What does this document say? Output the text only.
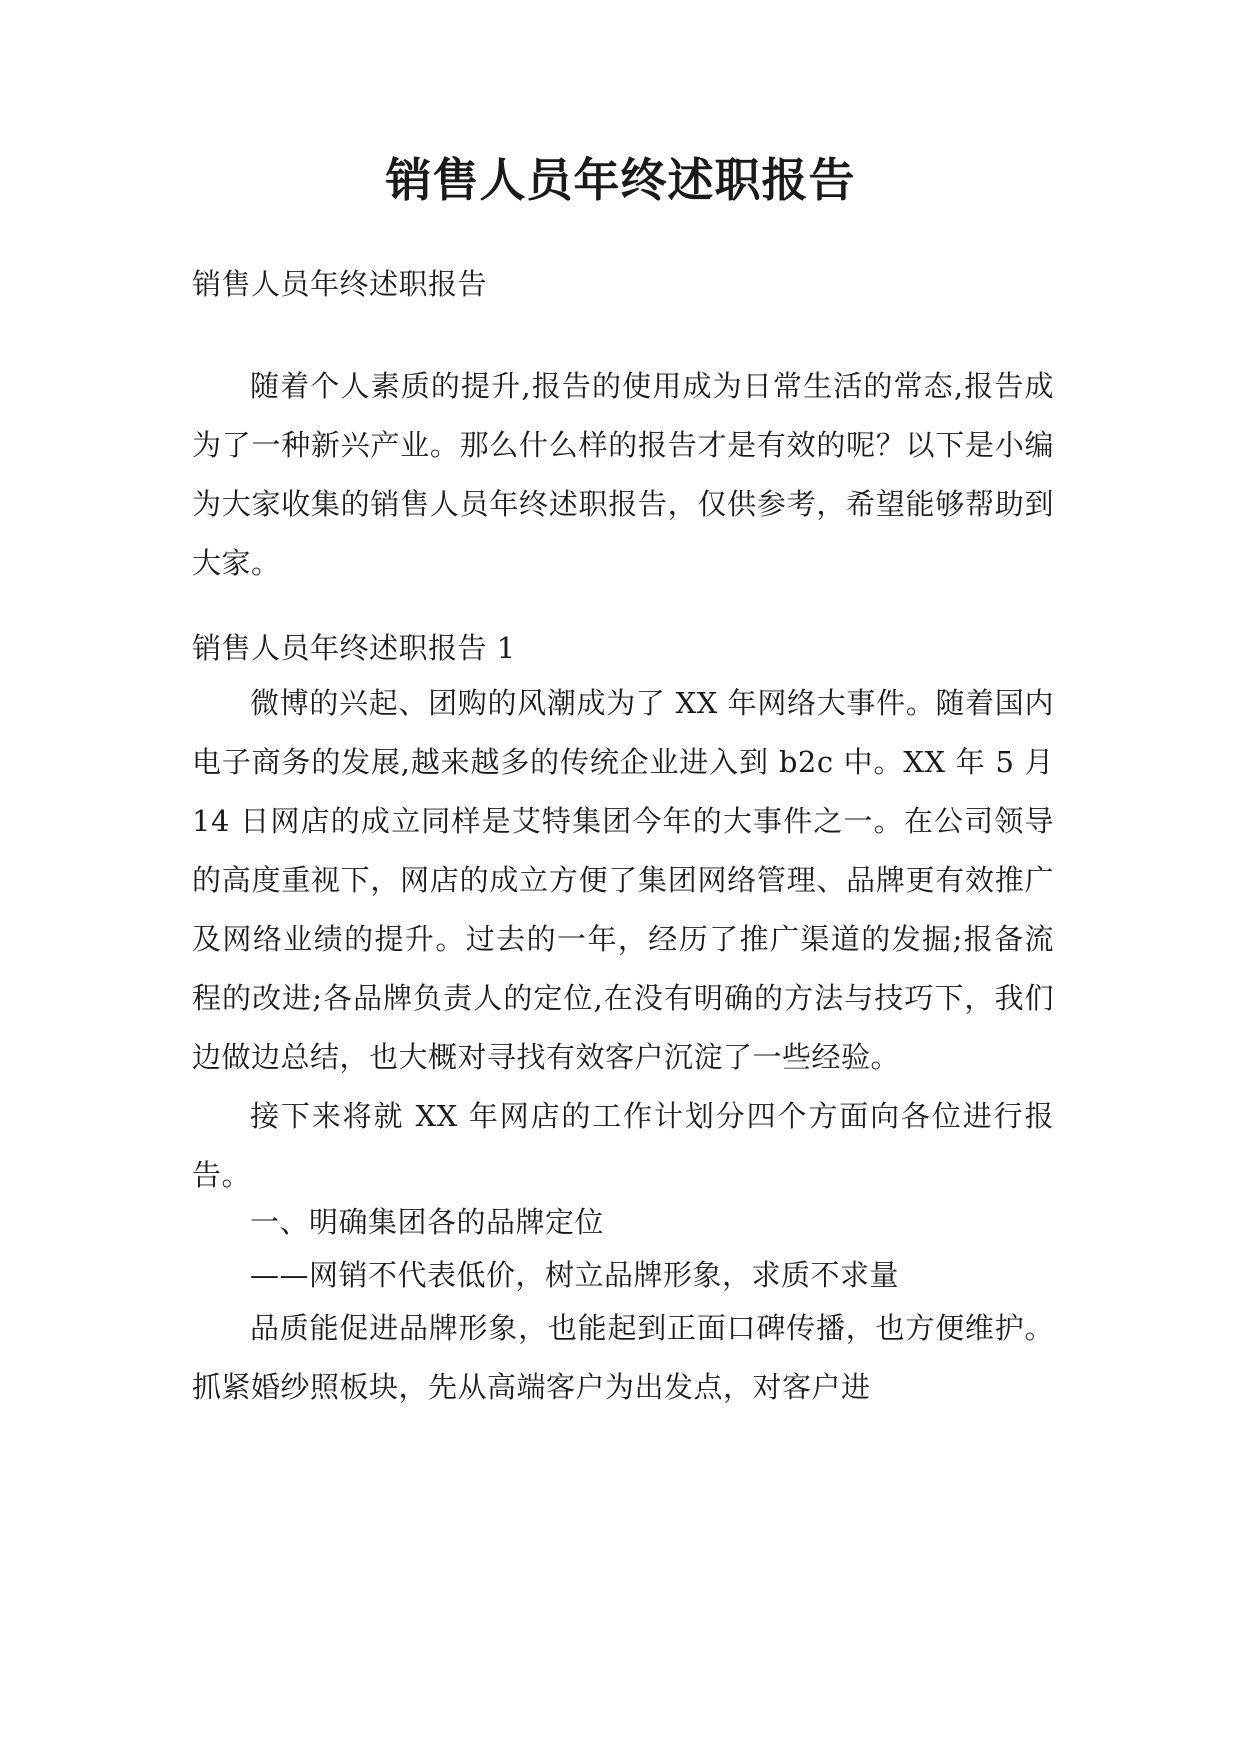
销售人员年终述职报告

销售人员年终述职报告

随着个人素质的提升,报告的使用成为日常生活的常态,报告成为了一种新兴产业。那么什么样的报告才是有效的呢？以下是小编为大家收集的销售人员年终述职报告，仅供参考，希望能够帮助到大家。

销售人员年终述职报告 1

微博的兴起、团购的风潮成为了 XX 年网络大事件。随着国内电子商务的发展,越来越多的传统企业进入到 b2c 中。XX 年 5 月 14 日网店的成立同样是艾特集团今年的大事件之一。在公司领导的高度重视下，网店的成立方便了集团网络管理、品牌更有效推广及网络业绩的提升。过去的一年，经历了推广渠道的发掘;报备流程的改进;各品牌负责人的定位,在没有明确的方法与技巧下，我们边做边总结，也大概对寻找有效客户沉淀了一些经验。

接下来将就 XX 年网店的工作计划分四个方面向各位进行报告。

一、明确集团各的品牌定位

——网销不代表低价，树立品牌形象，求质不求量

品质能促进品牌形象，也能起到正面口碑传播，也方便维护。抓紧婚纱照板块，先从高端客户为出发点，对客户进
